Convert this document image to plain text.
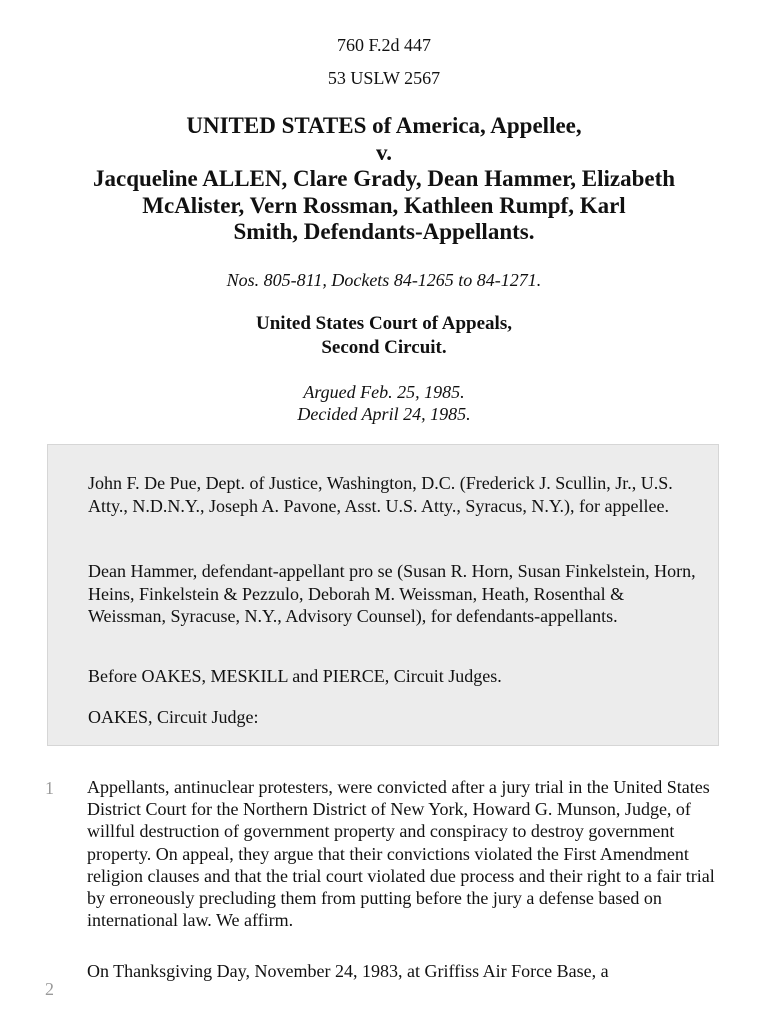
760 F.2d 447
53 USLW 2567
UNITED STATES of America, Appellee,
v.
Jacqueline ALLEN, Clare Grady, Dean Hammer, Elizabeth
McAlister, Vern Rossman, Kathleen Rumpf, Karl
Smith, Defendants-Appellants.
Nos. 805-811, Dockets 84-1265 to 84-1271.
United States Court of Appeals,
Second Circuit.
Argued Feb. 25, 1985.
Decided April 24, 1985.

John F. De Pue, Dept. of Justice, Washington, D.C. (Frederick J. Scullin, Jr., U.S. Atty., N.D.N.Y., Joseph A. Pavone, Asst. U.S. Atty., Syracus, N.Y.), for appellee.

Dean Hammer, defendant-appellant pro se (Susan R. Horn, Susan Finkelstein, Horn, Heins, Finkelstein & Pezzulo, Deborah M. Weissman, Heath, Rosenthal & Weissman, Syracuse, N.Y., Advisory Counsel), for defendants-appellants.

Before OAKES, MESKILL and PIERCE, Circuit Judges.

OAKES, Circuit Judge:

1 Appellants, antinuclear protesters, were convicted after a jury trial in the United States District Court for the Northern District of New York, Howard G. Munson, Judge, of willful destruction of government property and conspiracy to destroy government property. On appeal, they argue that their convictions violated the First Amendment religion clauses and that the trial court violated due process and their right to a fair trial by erroneously precluding them from putting before the jury a defense based on international law. We affirm.

On Thanksgiving Day, November 24, 1983, at Griffiss Air Force Base, a

2
